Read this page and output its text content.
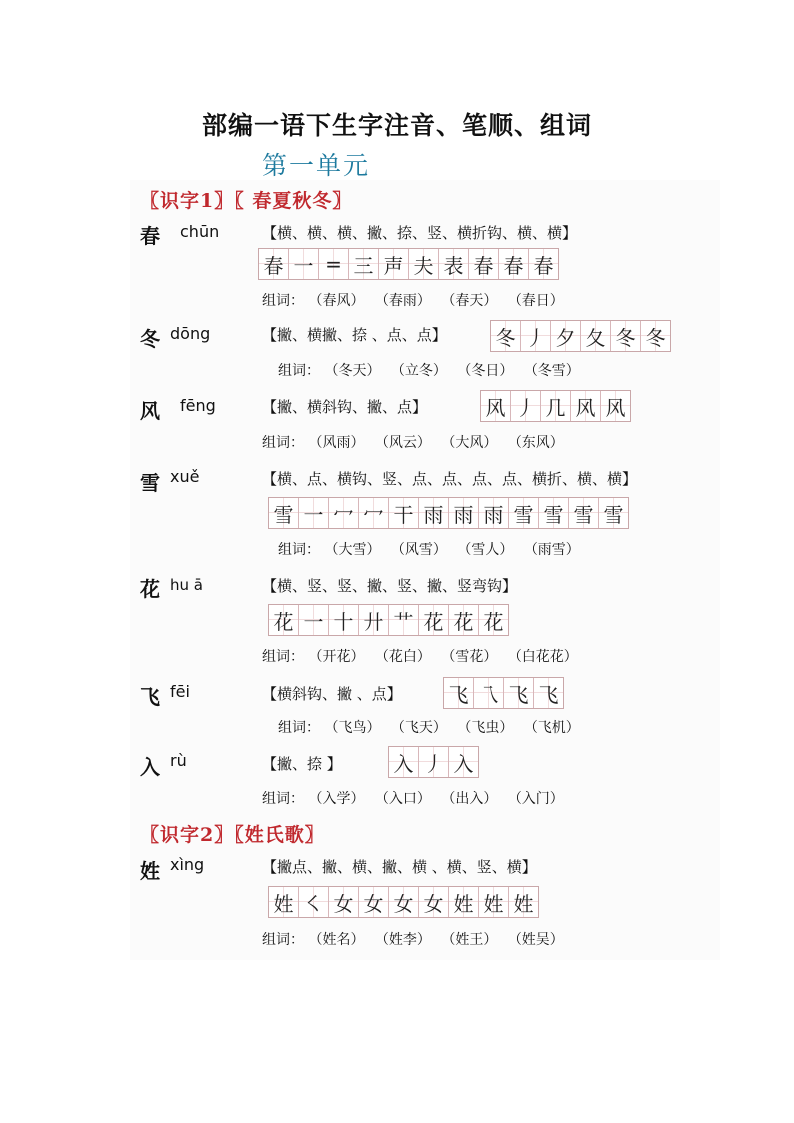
部编一语下生字注音、笔顺、组词
第一单元
〖识字1〗〖 春夏秋冬〗
春 chūn	【横、横、横、撇、捺、竖、横折钩、横、横】
春 一 = 三 声 夫 表 春 春 春
组词： （春风） （春雨） （春天） （春日）
冬 dōng	【撇、横撇、捺 、点、点】 冬 丿 夕 夂 冬 冬
组词： （冬天） （立冬） （冬日） （冬雪）
风 fēng	【撇、横斜钩、撇、点】	风 丿 几 风 风
组词： （风雨） （风云） （大风） （东风）
雪 xuě	【横、点、横钩、竖、点、点、点、点、横折、横、横】
雪 一 冖 冖 干 雨 雨 雨 雪 雪 雪 雪
组词： （大雪） （风雪） （雪人） （雨雪）
花 hu ā	【横、竖、竖、撇、竖、撇、竖弯钩】
花 一 十 廾 艹 花 花 花
组词： （开花） （花白） （雪花） （白花花）
飞 fēi	【横斜钩、撇 、点】 飞 乁 飞 飞
组词： （飞鸟） （飞天） （飞虫） （飞机）
入 rù	【撇、捺 】	入 丿 入
组词： （入学） （入口） （出入） （入门）
〖识字2〗〖姓氏歌〗
姓 xìng	【撇点、撇、横、撇、横 、横、竖、横】
姓 ㇛ 女 女 女 女 姓 姓 姓
组词： （姓名） （姓李） （姓王） （姓吴）
